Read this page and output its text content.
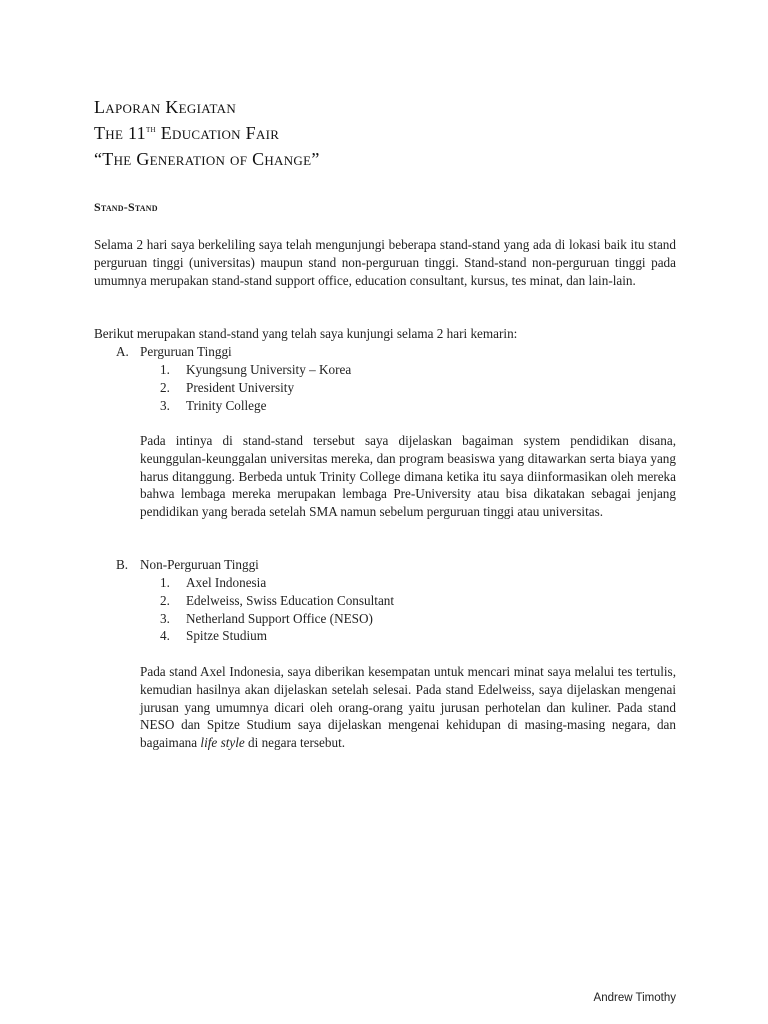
Laporan Kegiatan
The 11th Education Fair
“The Generation of Change”
Stand-Stand
Selama 2 hari saya berkeliling saya telah mengunjungi beberapa stand-stand yang ada di lokasi baik itu stand perguruan tinggi (universitas) maupun stand non-perguruan tinggi. Stand-stand non-perguruan tinggi pada umumnya merupakan stand-stand support office, education consultant, kursus, tes minat, dan lain-lain.
Berikut merupakan stand-stand yang telah saya kunjungi selama 2 hari kemarin:
A. Perguruan Tinggi
1. Kyungsung University – Korea
2. President University
3. Trinity College
Pada intinya di stand-stand tersebut saya dijelaskan bagaiman system pendidikan disana, keunggulan-keunggalan universitas mereka, dan program beasiswa yang ditawarkan serta biaya yang harus ditanggung. Berbeda untuk Trinity College dimana ketika itu saya diinformasikan oleh mereka bahwa lembaga mereka merupakan lembaga Pre-University atau bisa dikatakan sebagai jenjang pendidikan yang berada setelah SMA namun sebelum perguruan tinggi atau universitas.
B. Non-Perguruan Tinggi
1. Axel Indonesia
2. Edelweiss, Swiss Education Consultant
3. Netherland Support Office (NESO)
4. Spitze Studium
Pada stand Axel Indonesia, saya diberikan kesempatan untuk mencari minat saya melalui tes tertulis, kemudian hasilnya akan dijelaskan setelah selesai. Pada stand Edelweiss, saya dijelaskan mengenai jurusan yang umumnya dicari oleh orang-orang yaitu jurusan perhotelan dan kuliner. Pada stand NESO dan Spitze Studium saya dijelaskan mengenai kehidupan di masing-masing negara, dan bagaimana life style di negara tersebut.
Andrew Timothy
